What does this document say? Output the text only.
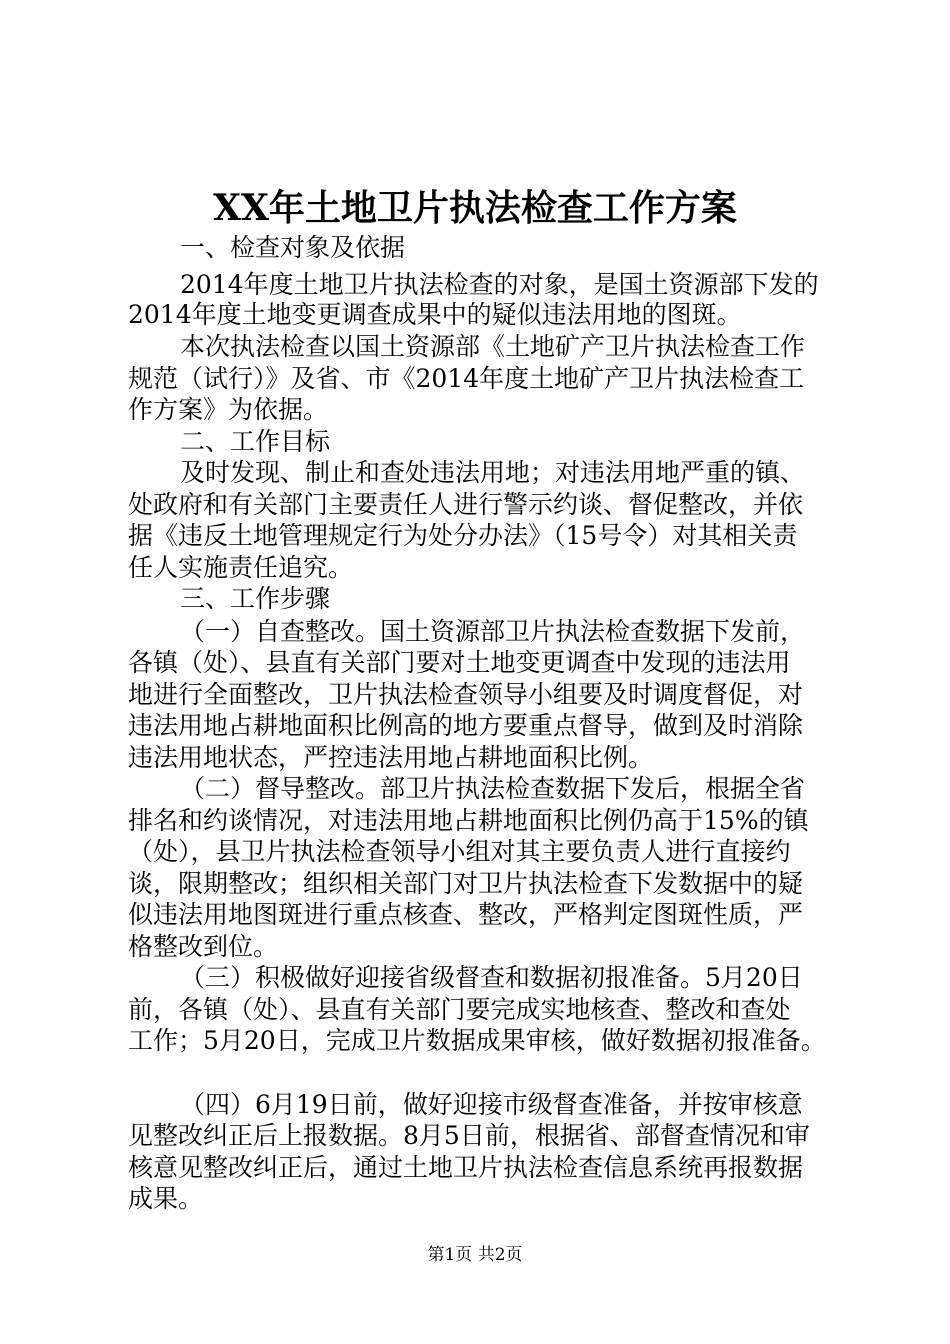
XX年土地卫片执法检查工作方案
一、检查对象及依据
2014年度土地卫片执法检查的对象，是国土资源部下发的
2014年度土地变更调查成果中的疑似违法用地的图斑。
本次执法检查以国土资源部《土地矿产卫片执法检查工作
规范（试行）》及省、市《2014年度土地矿产卫片执法检查工
作方案》为依据。
二、工作目标
及时发现、制止和查处违法用地；对违法用地严重的镇、
处政府和有关部门主要责任人进行警示约谈、督促整改，并依
据《违反土地管理规定行为处分办法》（15号令）对其相关责
任人实施责任追究。
三、工作步骤
（一）自查整改。国土资源部卫片执法检查数据下发前，
各镇（处）、县直有关部门要对土地变更调查中发现的违法用
地进行全面整改，卫片执法检查领导小组要及时调度督促，对
违法用地占耕地面积比例高的地方要重点督导，做到及时消除
违法用地状态，严控违法用地占耕地面积比例。
（二）督导整改。部卫片执法检查数据下发后，根据全省
排名和约谈情况，对违法用地占耕地面积比例仍高于15%的镇
（处），县卫片执法检查领导小组对其主要负责人进行直接约
谈，限期整改；组织相关部门对卫片执法检查下发数据中的疑
似违法用地图斑进行重点核查、整改，严格判定图斑性质，严
格整改到位。
（三）积极做好迎接省级督查和数据初报准备。5月20日
前，各镇（处）、县直有关部门要完成实地核查、整改和查处
工作；5月20日，完成卫片数据成果审核，做好数据初报准备。
（四）6月19日前，做好迎接市级督查准备，并按审核意
见整改纠正后上报数据。8月5日前，根据省、部督查情况和审
核意见整改纠正后，通过土地卫片执法检查信息系统再报数据
成果。
第1页 共2页
